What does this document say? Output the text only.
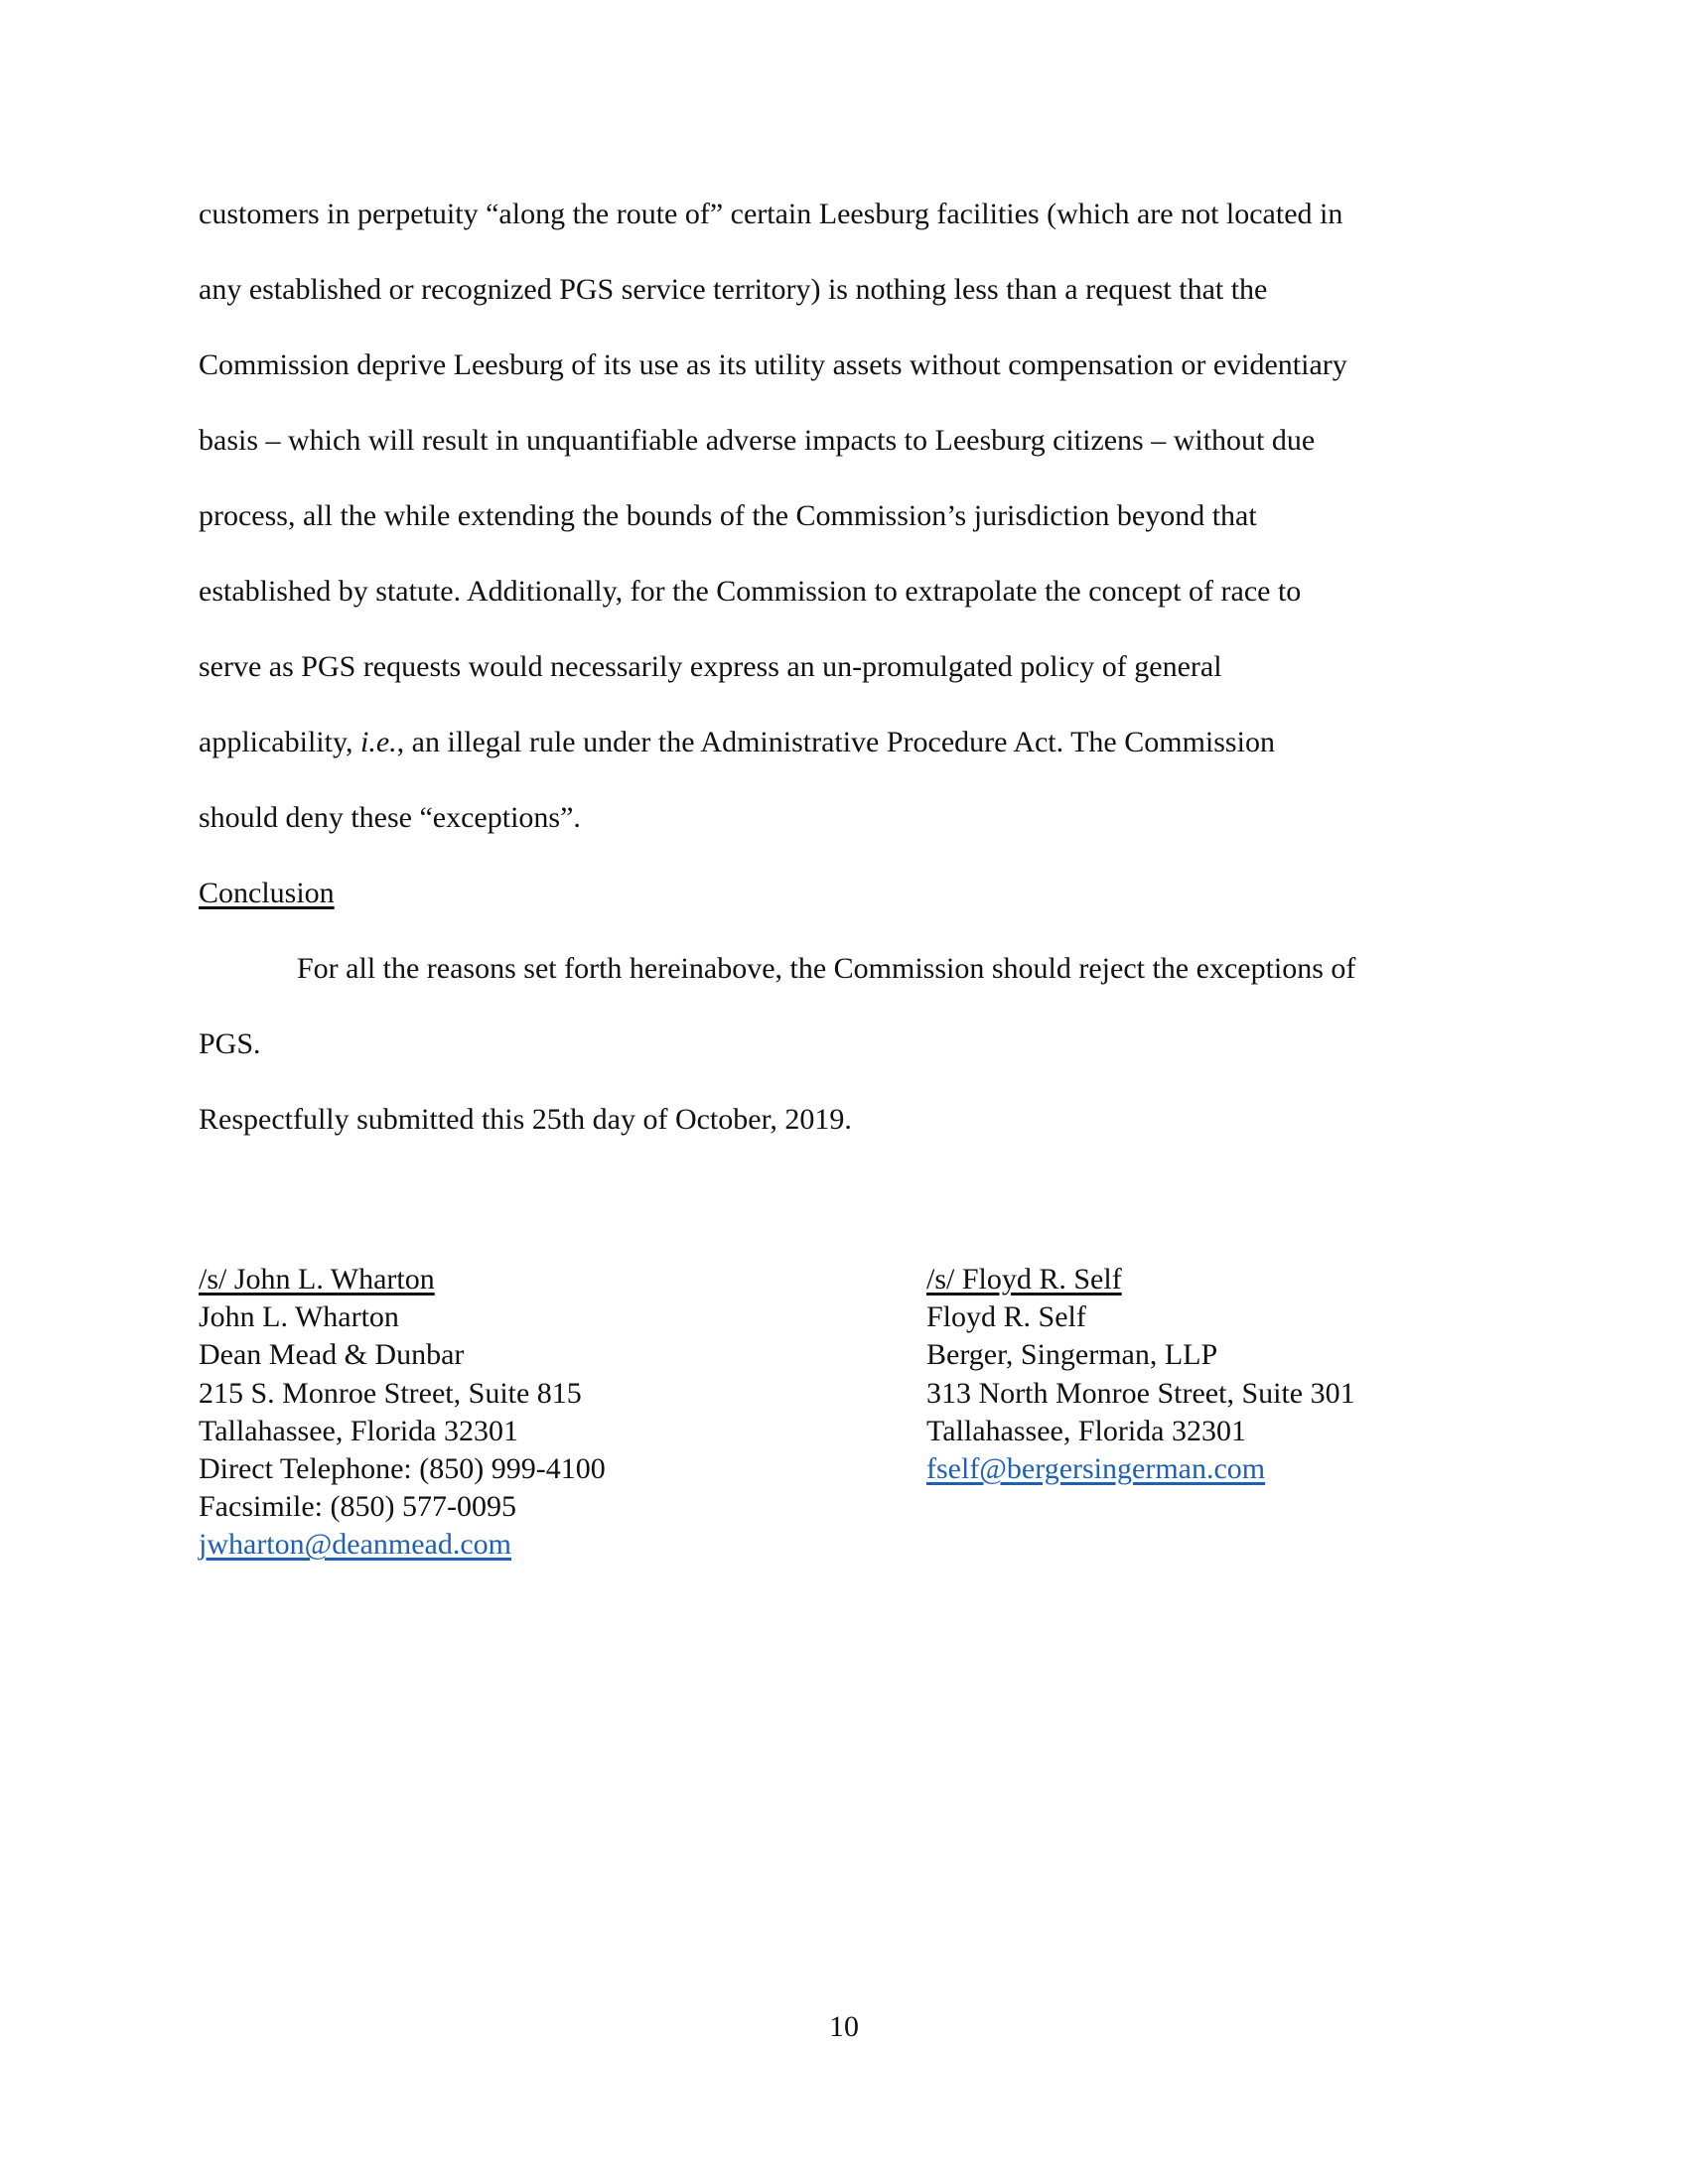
customers in perpetuity “along the route of” certain Leesburg facilities (which are not located in
any established or recognized PGS service territory) is nothing less than a request that the
Commission deprive Leesburg of its use as its utility assets without compensation or evidentiary
basis – which will result in unquantifiable adverse impacts to Leesburg citizens – without due
process, all the while extending the bounds of the Commission’s jurisdiction beyond that
established by statute. Additionally, for the Commission to extrapolate the concept of race to
serve as PGS requests would necessarily express an un-promulgated policy of general
applicability, i.e., an illegal rule under the Administrative Procedure Act. The Commission
should deny these “exceptions”.
Conclusion
For all the reasons set forth hereinabove, the Commission should reject the exceptions of
PGS.
Respectfully submitted this 25th day of October, 2019.
/s/ John L. Wharton
John L. Wharton
Dean Mead & Dunbar
215 S. Monroe Street, Suite 815
Tallahassee, Florida 32301
Direct Telephone: (850) 999-4100
Facsimile: (850) 577-0095
jwharton@deanmead.com
/s/ Floyd R. Self
Floyd R. Self
Berger, Singerman, LLP
313 North Monroe Street, Suite 301
Tallahassee, Florida 32301
fself@bergersingerman.com
10
